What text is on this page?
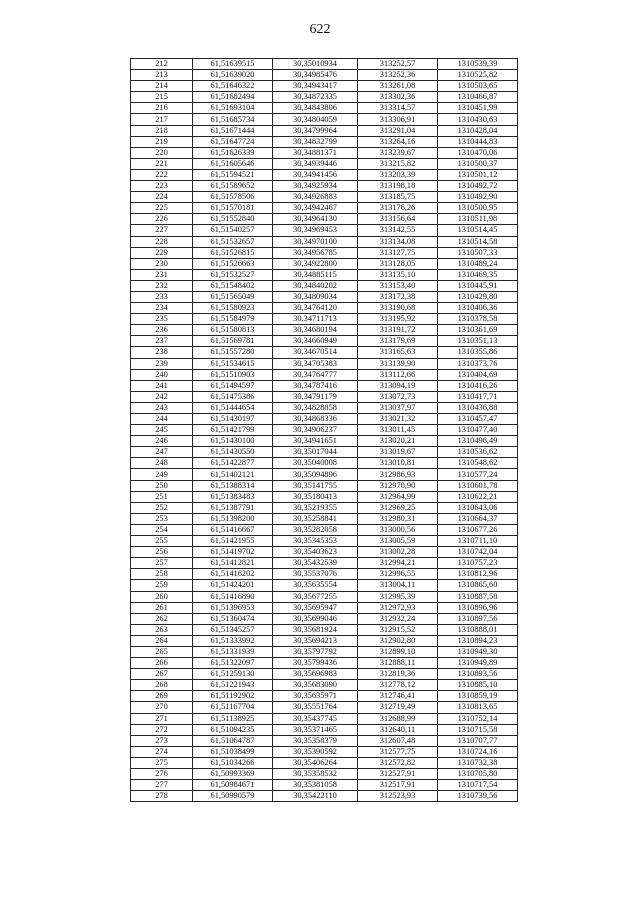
622
212	61,51639515	30,35010934	313252,57	1310539,39
213	61,51639020	30,34985476	313252,36	1310525,82
214	61,51646322	30,34943417	313261,08	1310503,65
215	61,51682494	30,34872335	313302,36	1310466,87
216	61,51693104	30,34843806	313314,57	1310451,99
217	61,51685734	30,34804059	313306,91	1310430,63
218	61,51671444	30,34799964	313291,04	1310428,04
219	61,51647724	30,34832799	313264,16	1310444,83
220	61,51626339	30,34881371	313239,67	1310470,06
221	61,51605646	30,34939446	313215,82	1310500,37
222	61,51594521	30,34941456	313203,39	1310501,12
223	61,51589652	30,34925934	313198,18	1310492,72
224	61,51578506	30,34926883	313185,75	1310492,90
225	61,51570181	30,34942467	313176,26	1310500,95
226	61,51552840	30,34964130	313156,64	1310511,98
227	61,51540257	30,34969453	313142,55	1310514,45
228	61,51532657	30,34970100	313134,08	1310514,58
229	61,51526815	30,34956785	313127,75	1310507,33
230	61,51526663	30,34922800	313128,05	1310489,24
231	61,51532527	30,34885115	313135,10	1310469,35
232	61,51548402	30,34840202	313153,40	1310445,91
233	61,51565049	30,34809034	313172,38	1310429,80
234	61,51580923	30,34764120	313190,68	1310406,36
235	61,51584979	30,34711713	313195,92	1310378,58
236	61,51580813	30,34680194	313191,72	1310361,69
237	61,51569781	30,34660949	313179,69	1310351,13
238	61,51557280	30,34670514	313165,63	1310355,86
239	61,51534615	30,34705383	313139,90	1310373,76
240	61,51510903	30,34764777	313112,66	1310404,69
241	61,51494597	30,34787416	313094,19	1310416,26
242	61,51475386	30,34791179	313072,73	1310417,71
243	61,51444654	30,34828858	313037,97	1310436,88
244	61,51430197	30,34868336	313021,32	1310457,47
245	61,51421799	30,34906237	313011,45	1310477,40
246	61,51430100	30,34941651	313020,21	1310496,49
247	61,51430550	30,35017044	313019,67	1310536,62
248	61,51422877	30,35040008	313010,81	1310548,62
249	61,51402121	30,35094896	312986,93	1310577,24
250	61,51388314	30,35141755	312970,90	1310601,78
251	61,51383483	30,35180413	312964,99	1310622,21
252	61,51387791	30,35219355	312969,25	1310643,06
253	61,51398200	30,35258841	312980,31	1310664,37
254	61,51416667	30,35282058	313000,56	1310677,26
255	61,51421955	30,35345353	313005,59	1310711,10
256	61,51419702	30,35403623	313002,28	1310742,04
257	61,51412821	30,35432539	312994,21	1310757,23
258	61,51416202	30,35537076	312996,55	1310812,96
259	61,51424201	30,35635554	313004,11	1310865,60
260	61,51416890	30,35677255	312995,39	1310887,58
261	61,51396953	30,35695947	312972,93	1310896,96
262	61,51360474	30,35699046	312932,24	1310897,56
263	61,51345257	30,35681924	312915,52	1310888,01
264	61,51333992	30,35694213	312902,80	1310894,23
265	61,51331939	30,35797792	312899,10	1310949,30
266	61,51322097	30,35799436	312888,11	1310949,89
267	61,51259130	30,35696983	312819,36	1310893,56
268	61,51221943	30,35683090	312778,12	1310885,10
269	61,51192902	30,35635971	312746,41	1310859,19
270	61,51167704	30,35551764	312719,49	1310813,65
271	61,51138925	30,35437745	312688,99	1310752,14
272	61,51094235	30,35371465	312640,11	1310715,58
273	61,51064787	30,35358379	312607,48	1310707,77
274	61,51038499	30,35390592	312577,75	1310724,16
275	61,51034266	30,35406264	312572,82	1310732,38
276	61,50993369	30,35358532	312527,91	1310705,80
277	61,50984671	30,35381058	312517,91	1310717,54
278	61,50990579	30,35422110	312523,93	1310739,56
